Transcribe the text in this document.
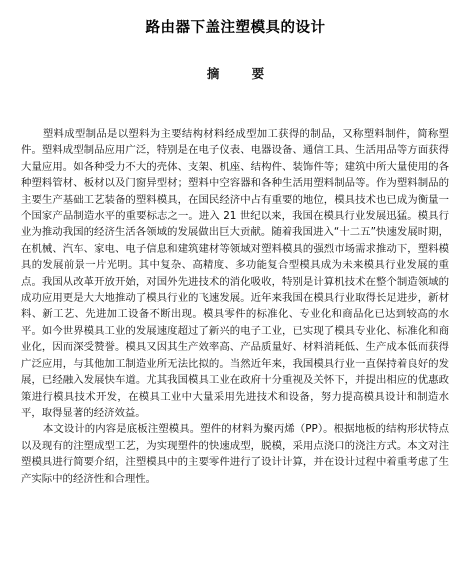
路由器下盖注塑模具的设计
摘 要

塑料成型制品是以塑料为主要结构材料经成型加工获得的制品，又称塑料制件，简称塑件。塑料成型制品应用广泛，特别是在电子仪表、电器设备、通信工具、生活用品等方面获得大量应用。如各种受力不大的壳体、支架、机座、结构件、装饰件等；建筑中所大量使用的各种塑料管材、板材以及门窗异型材；塑料中空容器和各种生活用塑料制品等。作为塑料制品的主要生产基础工艺装备的塑料模具，在国民经济中占有重要的地位，模具技术也已成为衡量一个国家产品制造水平的重要标志之一。进入 21 世纪以来，我国在模具行业发展迅猛。模具行业为推动我国的经济生活各领域的发展做出巨大贡献。随着我国进入“十二五”快速发展时期，在机械、汽车、家电、电子信息和建筑建材等领域对塑料模具的强烈市场需求推动下，塑料模具的发展前景一片光明。其中复杂、高精度、多功能复合型模具成为未来模具行业发展的重点。我国从改革开放开始，对国外先进技术的消化吸收，特别是计算机技术在整个制造领域的成功应用更是大大地推动了模具行业的飞速发展。近年来我国在模具行业取得长足进步，新材料、新工艺、先进加工设备不断出现。模具零件的标准化、专业化和商品化已达到较高的水平。如今世界模具工业的发展速度超过了新兴的电子工业，已实现了模具专业化、标准化和商业化，因而深受赞誉。模具又因其生产效率高、产品质量好、材料消耗低、生产成本低而获得广泛应用，与其他加工制造业所无法比拟的。当然近年来，我国模具行业一直保持着良好的发展，已经融入发展快车道。尤其我国模具工业在政府十分重视及关怀下，并提出相应的优惠政策进行模具技术开发，在模具工业中大量采用先进技术和设备，努力提高模具设计和制造水平，取得显著的经济效益。

本文设计的内容是底板注塑模具。塑件的材料为聚丙烯（PP）。根据地板的结构形状特点以及现有的注塑成型工艺，为实现塑件的快速成型，脱模，采用点浇口的浇注方式。本文对注塑模具进行简要介绍，注塑模具中的主要零件进行了设计计算，并在设计过程中着重考虑了生产实际中的经济性和合理性。
